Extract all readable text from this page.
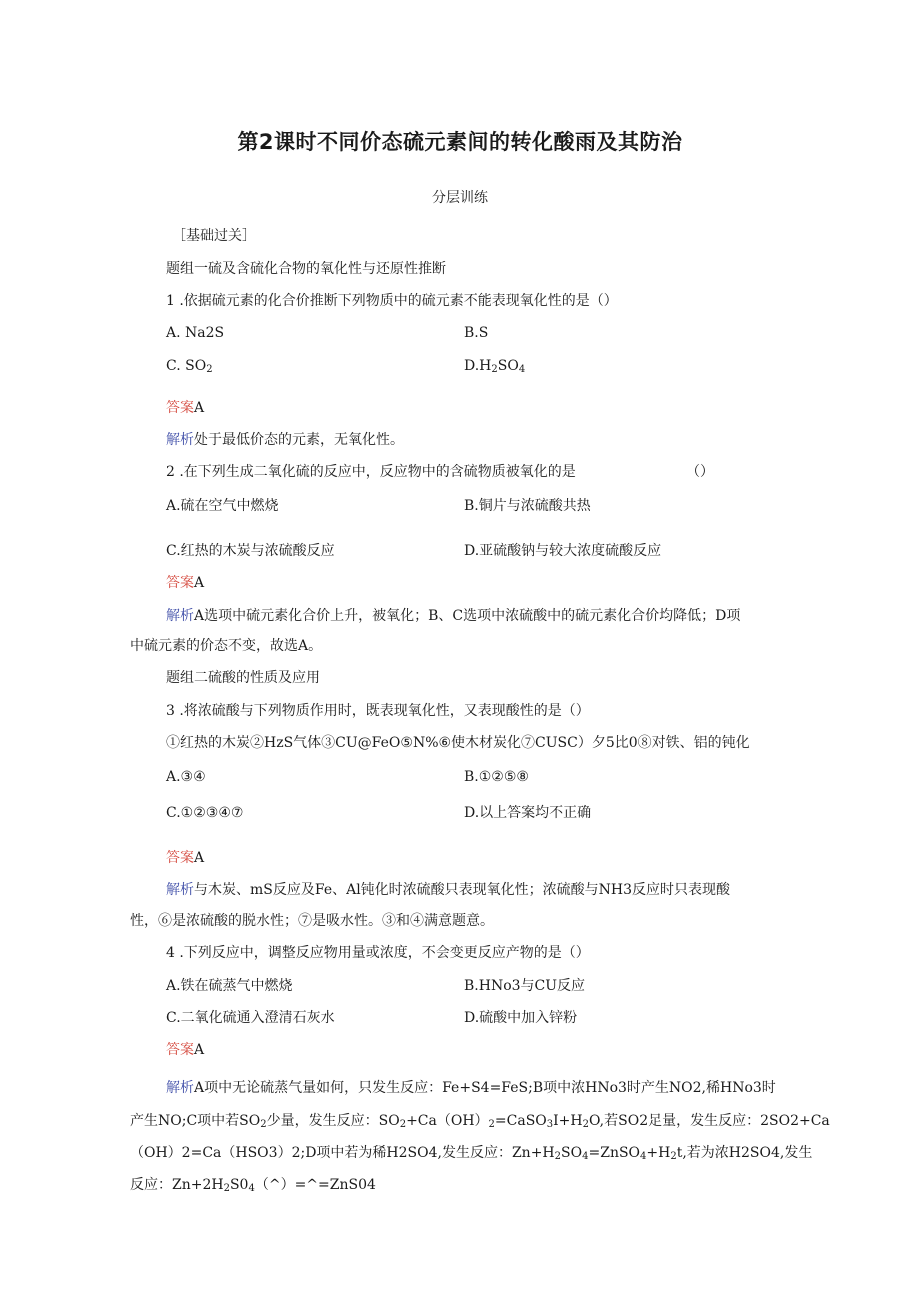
第2课时不同价态硫元素间的转化酸雨及其防治
分层训练
［基础过关］
题组一硫及含硫化合物的氧化性与还原性推断
1 .依据硫元素的化合价推断下列物质中的硫元素不能表现氧化性的是（）
A. Na2S	B.S
C. $SO_2$	$D.H_2SO_4$
答案A
解析处于最低价态的元素，无氧化性。
2 .在下列生成二氧化硫的反应中，反应物中的含硫物质被氧化的是	（）
A.硫在空气中燃烧	B.铜片与浓硫酸共热
C.红热的木炭与浓硫酸反应	D.亚硫酸钠与较大浓度硫酸反应
答案A
解析A选项中硫元素化合价上升，被氧化；B、C选项中浓硫酸中的硫元素化合价均降低；D项
中硫元素的价态不变，故选A。
题组二硫酸的性质及应用
3 .将浓硫酸与下列物质作用时，既表现氧化性，又表现酸性的是（）
①红热的木炭②HzS气体③CU@FeO⑤N%⑥使木材炭化⑦CUSC）夕5比0⑧对铁、铝的钝化
A.③④	B.①②⑤⑧
C.①②③④⑦	D.以上答案均不正确
答案A
解析与木炭、mS反应及Fe、Al钝化时浓硫酸只表现氧化性；浓硫酸与NH3反应时只表现酸
性，⑥是浓硫酸的脱水性；⑦是吸水性。③和④满意题意。
4 .下列反应中，调整反应物用量或浓度，不会变更反应产物的是（）
A.铁在硫蒸气中燃烧	B.HNo3与CU反应
C.二氧化硫通入澄清石灰水	D.硫酸中加入锌粉
答案A
解析A项中无论硫蒸气量如何，只发生反应：Fe+S4=FeS;B项中浓HNo3时产生NO2,稀HNo3时
产生NO;C项中若$SO_2$少量，发生反应：$SO_2+Ca(OH)_2=CaSO_3I+H_2O$,若SO2足量，发生反应：2SO2+Ca
（OH）2=Ca（HSO3）2;D项中若为稀H2SO4,发生反应：$Zn+H_2SO_4=ZnSO_4+H_2t$,若为浓H2SO4,发生
反应：$Zn+2H_2S0_4(\^{})=\^{}=ZnS04$
